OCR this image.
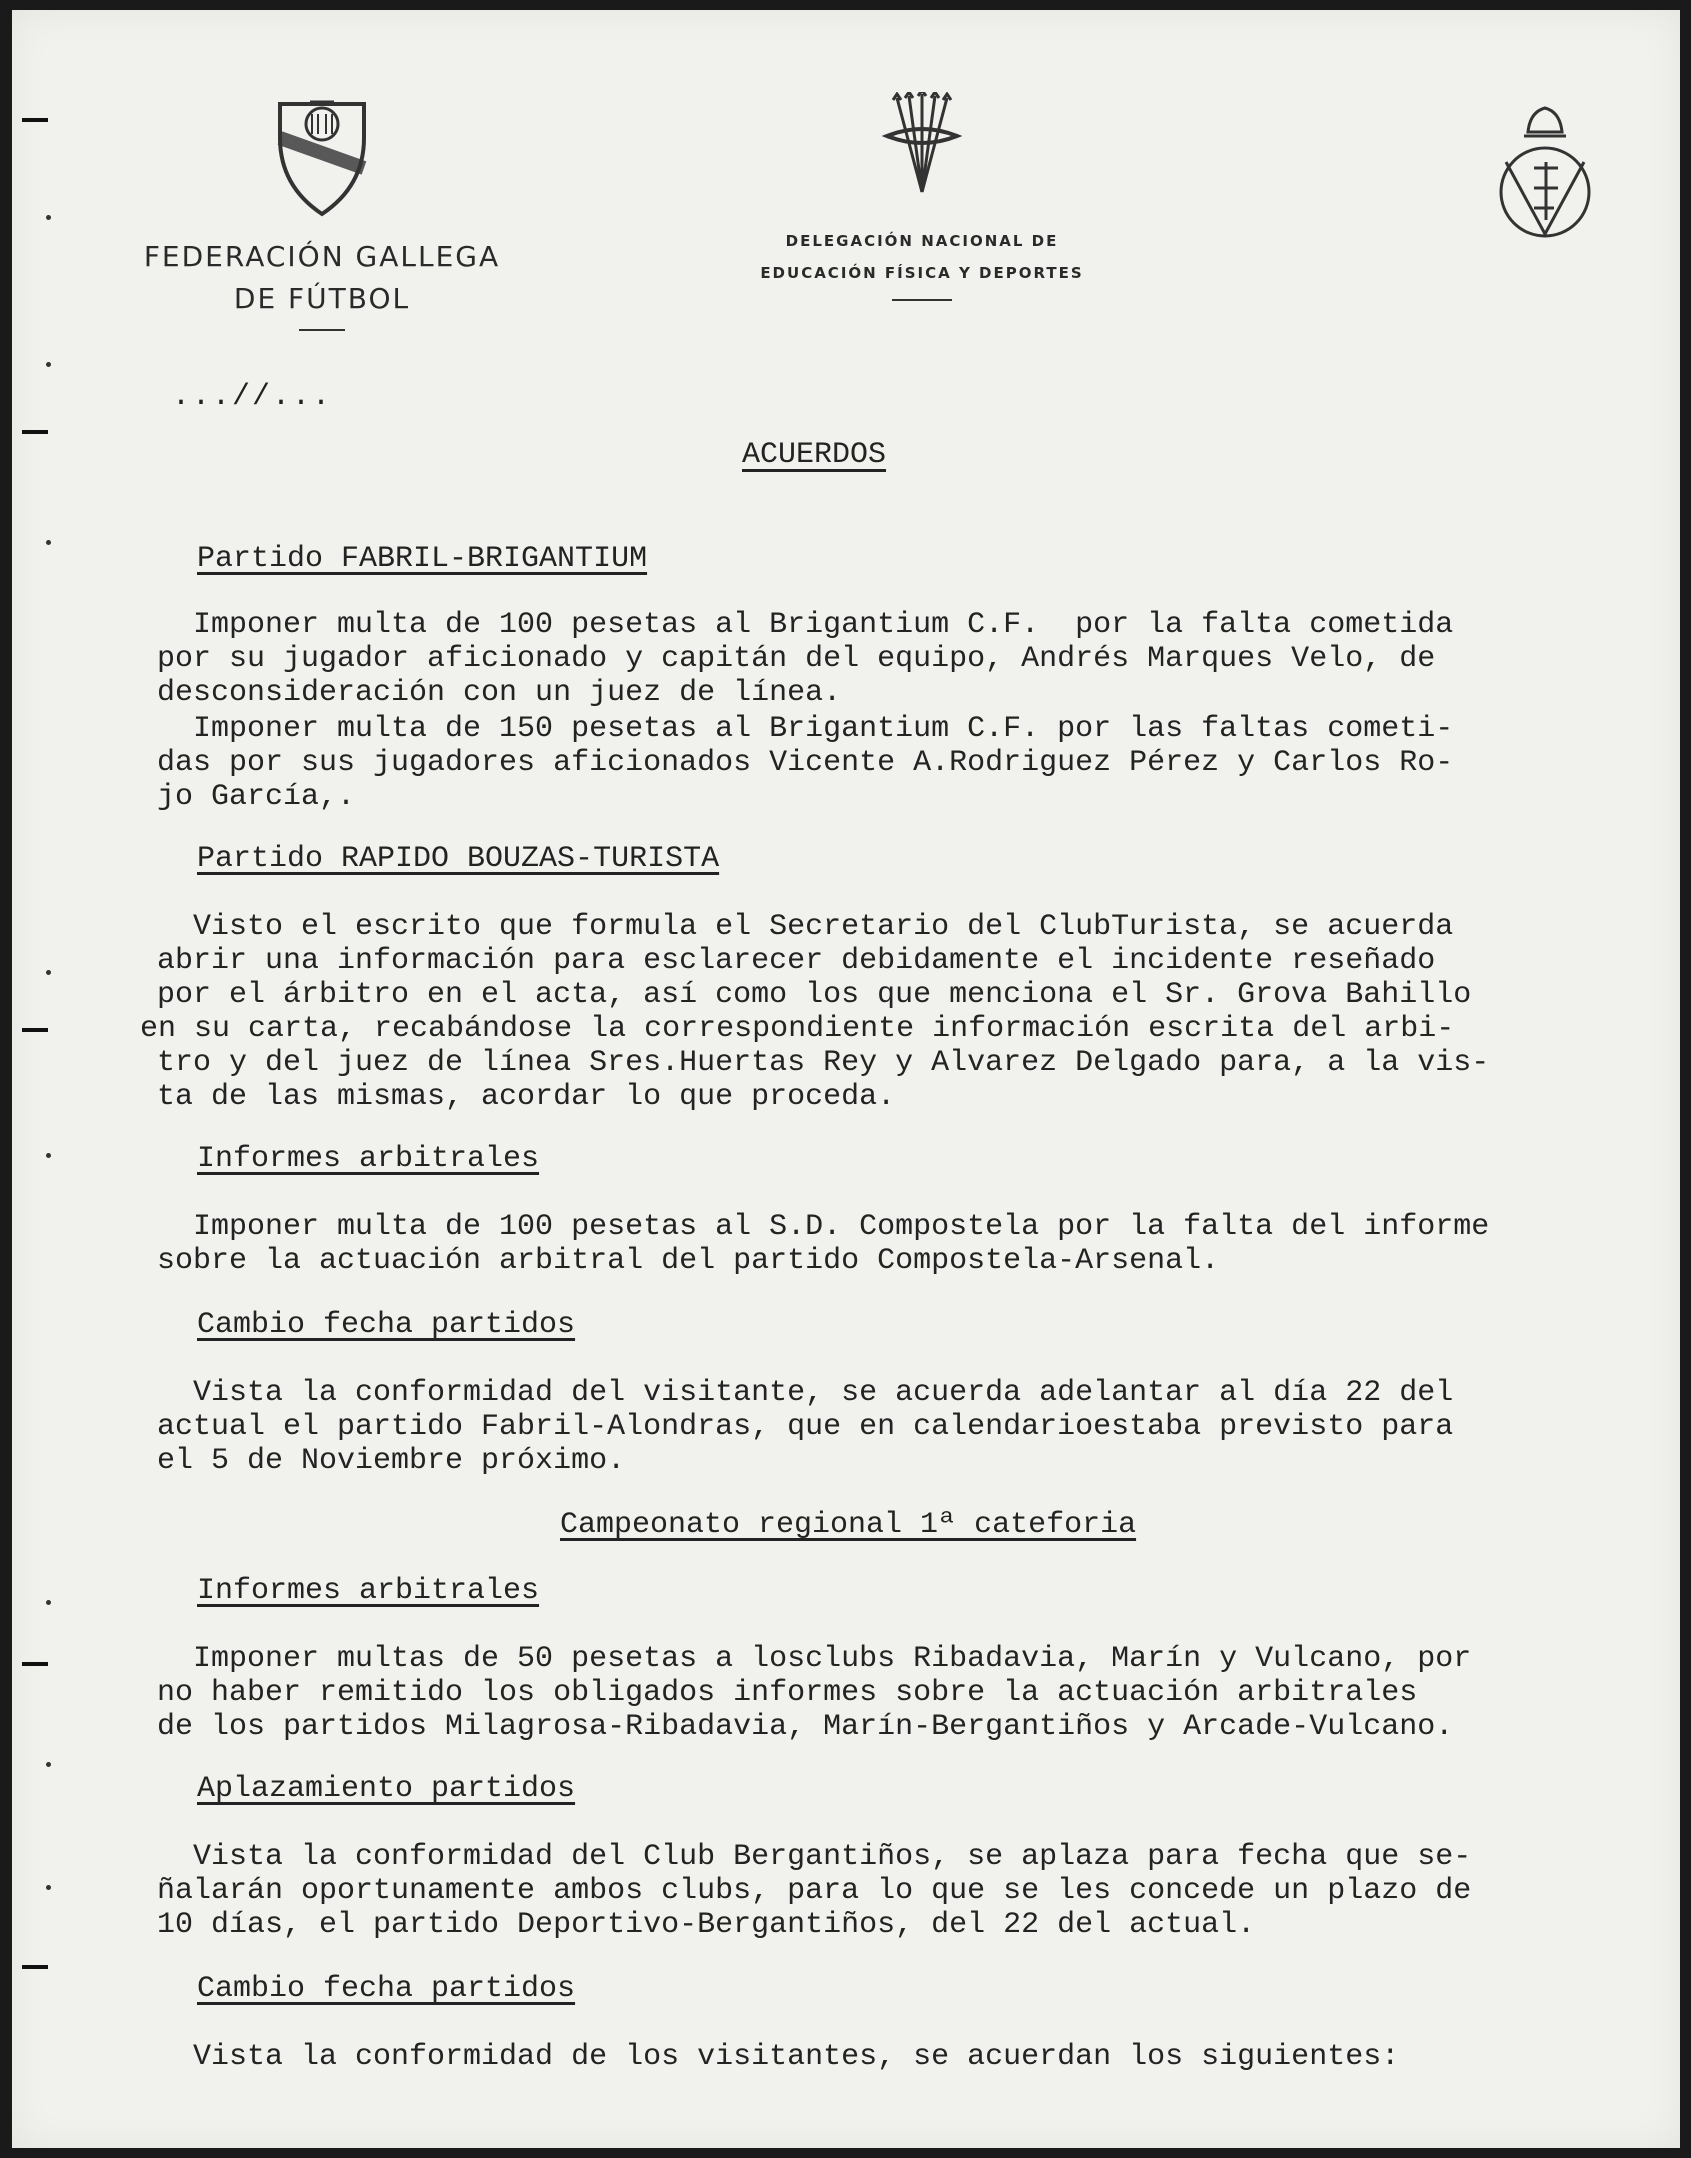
FEDERACIÓN GALLEGA
DE FÚTBOL
DELEGACIÓN NACIONAL DE
EDUCACIÓN FÍSICA Y DEPORTES
...//...
ACUERDOS
Partido FABRIL-BRIGANTIUM
Imponer multa de 100 pesetas al Brigantium C.F.  por la falta cometida
por su jugador aficionado y capitán del equipo, Andrés Marques Velo, de
desconsideración con un juez de línea.
Imponer multa de 150 pesetas al Brigantium C.F. por las faltas cometi-
das por sus jugadores aficionados Vicente A.Rodriguez Pérez y Carlos Ro-
jo García,.
Partido RAPIDO BOUZAS-TURISTA
Visto el escrito que formula el Secretario del ClubTurista, se acuerda
abrir una información para esclarecer debidamente el incidente reseñado
por el árbitro en el acta, así como los que menciona el Sr. Grova Bahillo
en su carta, recabándose la correspondiente información escrita del arbi-
tro y del juez de línea Sres.Huertas Rey y Alvarez Delgado para, a la vis-
ta de las mismas, acordar lo que proceda.
Informes arbitrales
Imponer multa de 100 pesetas al S.D. Compostela por la falta del informe
sobre la actuación arbitral del partido Compostela-Arsenal.
Cambio fecha partidos
Vista la conformidad del visitante, se acuerda adelantar al día 22 del
actual el partido Fabril-Alondras, que en calendarioestaba previsto para
el 5 de Noviembre próximo.
Campeonato regional 1ª cateforia
Informes arbitrales
Imponer multas de 50 pesetas a losclubs Ribadavia, Marín y Vulcano, por
no haber remitido los obligados informes sobre la actuación arbitrales
de los partidos Milagrosa-Ribadavia, Marín-Bergantiños y Arcade-Vulcano.
Aplazamiento partidos
Vista la conformidad del Club Bergantiños, se aplaza para fecha que se-
ñalarán oportunamente ambos clubs, para lo que se les concede un plazo de
10 días, el partido Deportivo-Bergantiños, del 22 del actual.
Cambio fecha partidos
Vista la conformidad de los visitantes, se acuerdan los siguientes:
